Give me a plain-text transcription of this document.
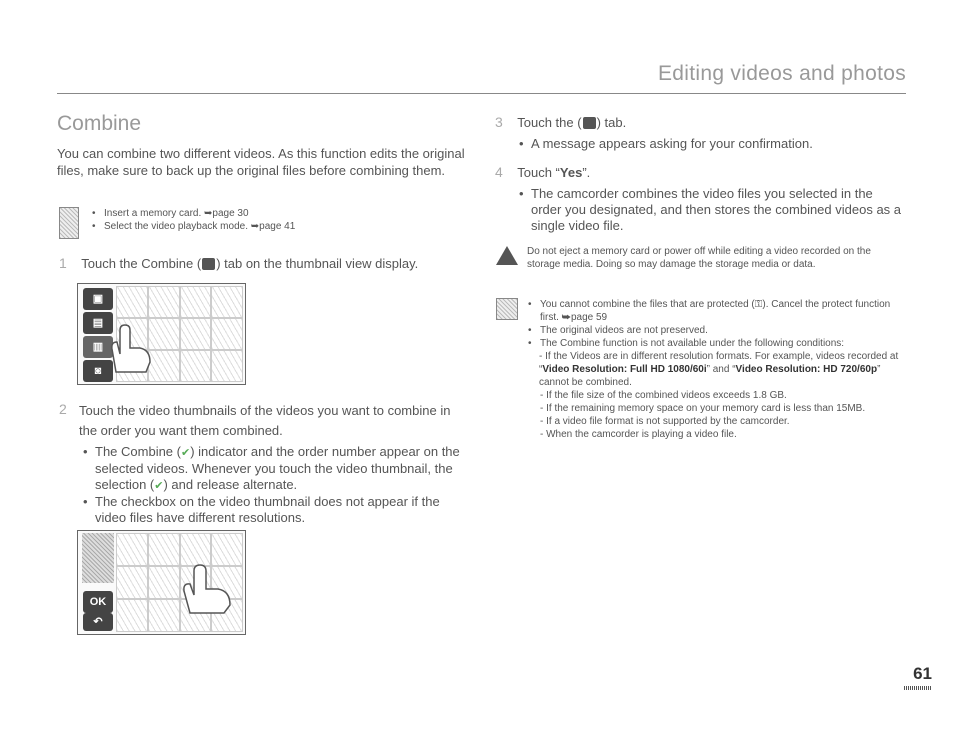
Editing videos and photos
Combine
You can combine two different videos. As this function edits the original files, make sure to back up the original files before combining them.
• Insert a memory card. ➥page 30
• Select the video playback mode. ➥page 41
1 Touch the Combine ( ) tab on the thumbnail view display.
▣
▤
▥
◙
2 Touch the video thumbnails of the videos you want to combine in the order you want them combined.
• The Combine (✔) indicator and the order number appear on the selected videos. Whenever you touch the video thumbnail, the selection (✔) and release alternate.
• The checkbox on the video thumbnail does not appear if the video files have different resolutions.
OK
↶
3 Touch the ( ) tab.
• A message appears asking for your confirmation.
4 Touch “Yes”.
• The camcorder combines the video files you selected in the order you designated, and then stores the combined videos as a single video file.
Do not eject a memory card or power off while editing a video recorded on the storage media. Doing so may damage the storage media or data.
• You cannot combine the files that are protected (⚿). Cancel the protect function first. ➥page 59
• The original videos are not preserved.
• The Combine function is not available under the following conditions:
- If the Videos are in different resolution formats. For example, videos recorded at “Video Resolution: Full HD 1080/60i” and “Video Resolution: HD 720/60p” cannot be combined.
- If the file size of the combined videos exceeds 1.8 GB.
- If the remaining memory space on your memory card is less than 15MB.
- If a video file format is not supported by the camcorder.
- When the camcorder is playing a video file.
61
